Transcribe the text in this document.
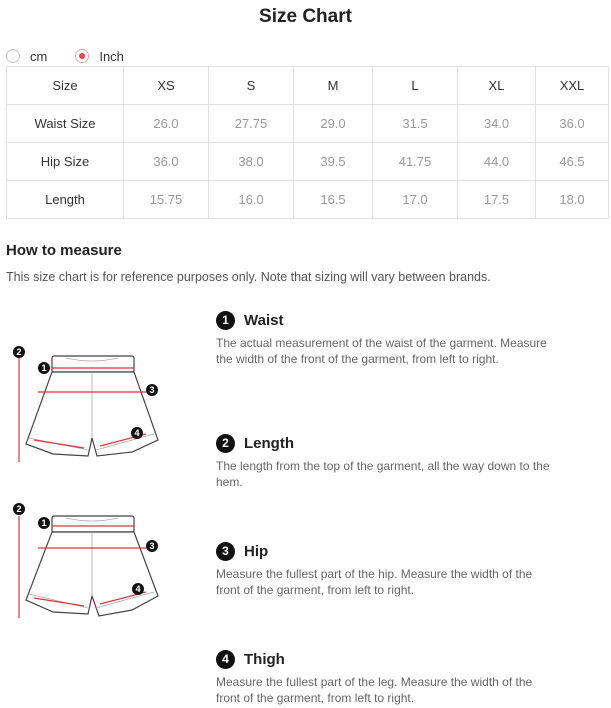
Size Chart
cm	Inch
Size	XS	S	M	L	XL	XXL
Waist Size	26.0	27.75	29.0	31.5	34.0	36.0
Hip Size	36.0	38.0	39.5	41.75	44.0	46.5
Length	15.75	16.0	16.5	17.0	17.5	18.0
How to measure
This size chart is for reference purposes only. Note that sizing will vary between brands.
2
1
3
4
2
1
3
4
1	Waist
The actual measurement of the waist of the garment. Measure the width of the front of the garment, from left to right.
2	Length
The length from the top of the garment, all the way down to the hem.
3	Hip
Measure the fullest part of the hip. Measure the width of the front of the garment, from left to right.
4	Thigh
Measure the fullest part of the leg. Measure the width of the front of the garment, from left to right.
